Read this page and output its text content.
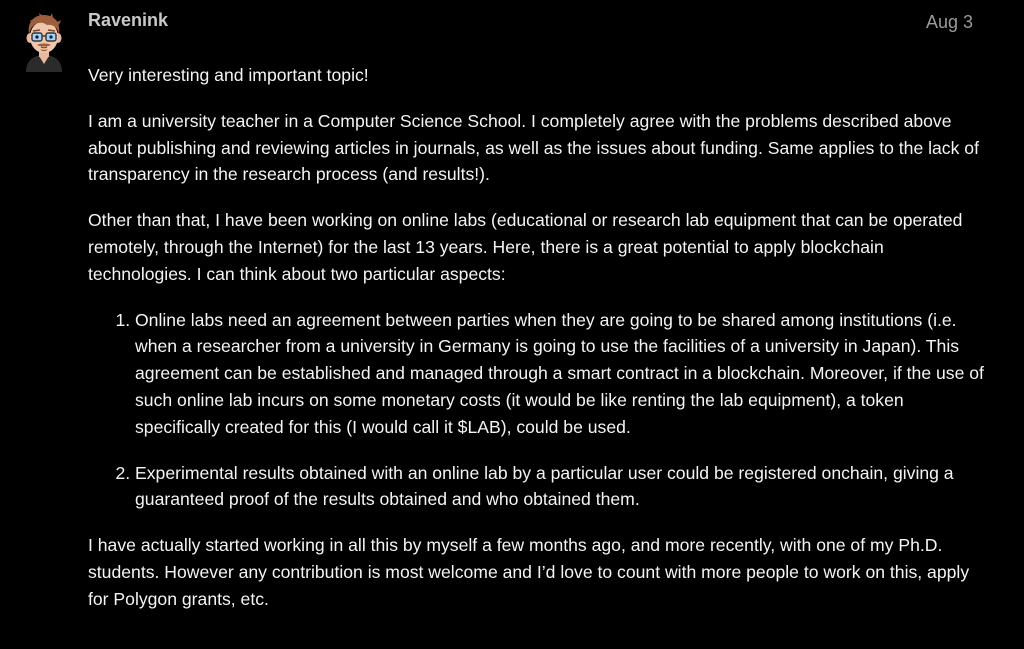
Ravenink	Aug 3

Very interesting and important topic!

I am a university teacher in a Computer Science School. I completely agree with the problems described above about publishing and reviewing articles in journals, as well as the issues about funding. Same applies to the lack of transparency in the research process (and results!).

Other than that, I have been working on online labs (educational or research lab equipment that can be operated remotely, through the Internet) for the last 13 years. Here, there is a great potential to apply blockchain technologies. I can think about two particular aspects:

1. Online labs need an agreement between parties when they are going to be shared among institutions (i.e. when a researcher from a university in Germany is going to use the facilities of a university in Japan). This agreement can be established and managed through a smart contract in a blockchain. Moreover, if the use of such online lab incurs on some monetary costs (it would be like renting the lab equipment), a token specifically created for this (I would call it $LAB), could be used.
2. Experimental results obtained with an online lab by a particular user could be registered onchain, giving a guaranteed proof of the results obtained and who obtained them.

I have actually started working in all this by myself a few months ago, and more recently, with one of my Ph.D. students. However any contribution is most welcome and I’d love to count with more people to work on this, apply for Polygon grants, etc.
